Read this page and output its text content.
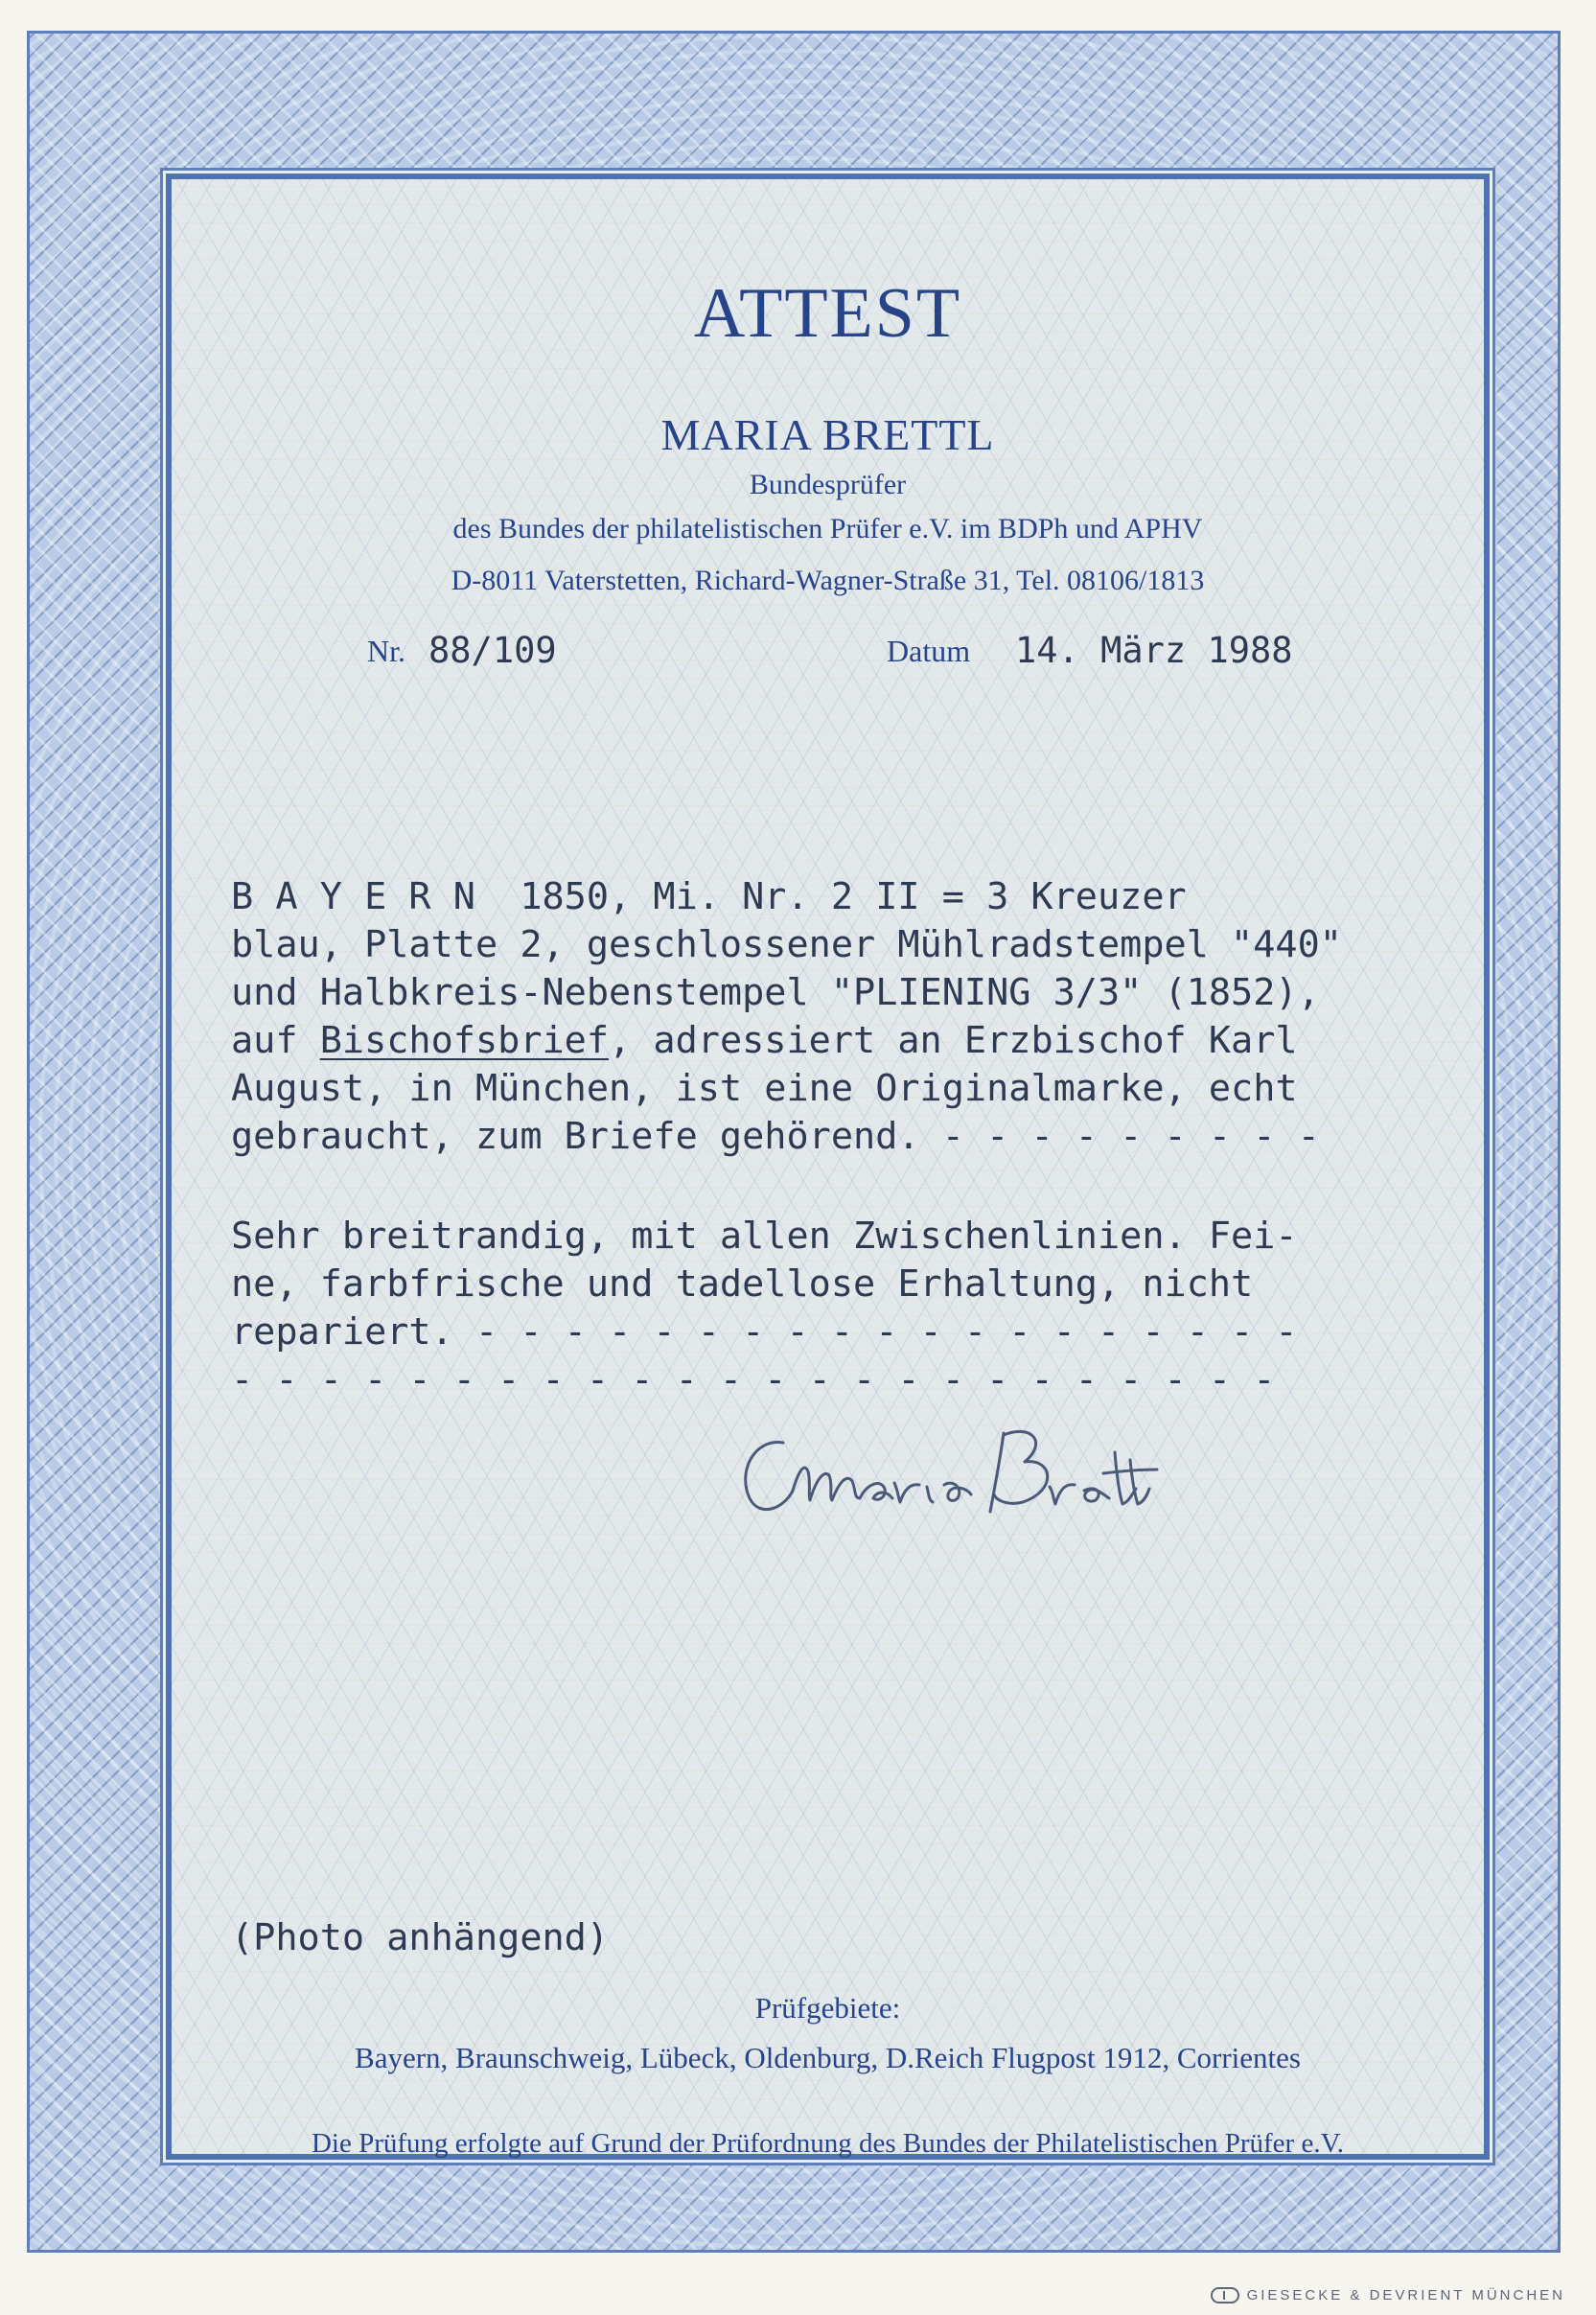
ATTEST
MARIA BRETTL
Bundesprüfer
des Bundes der philatelistischen Prüfer e.V. im BDPh und APHV
D-8011 Vaterstetten, Richard-Wagner-Straße 31, Tel. 08106/1813
Nr. 88/109	Datum 14. März 1988
B A Y E R N  1850, Mi. Nr. 2 II = 3 Kreuzer
blau, Platte 2, geschlossener Mühlradstempel "440"
und Halbkreis-Nebenstempel "PLIENING 3/3" (1852),
auf Bischofsbrief, adressiert an Erzbischof Karl
August, in München, ist eine Originalmarke, echt
gebraucht, zum Briefe gehörend. - - - - - - - - -
Sehr breitrandig, mit allen Zwischenlinien. Fei-
ne, farbfrische und tadellose Erhaltung, nicht
repariert. - - - - - - - - - - - - - - - - - - -
- - - - - - - - - - - - - - - - - - - - - - - -
(Photo anhängend)
Prüfgebiete:
Bayern, Braunschweig, Lübeck, Oldenburg, D.Reich Flugpost 1912, Corrientes
Die Prüfung erfolgte auf Grund der Prüfordnung des Bundes der Philatelistischen Prüfer e.V.
GIESECKE & DEVRIENT MÜNCHEN
